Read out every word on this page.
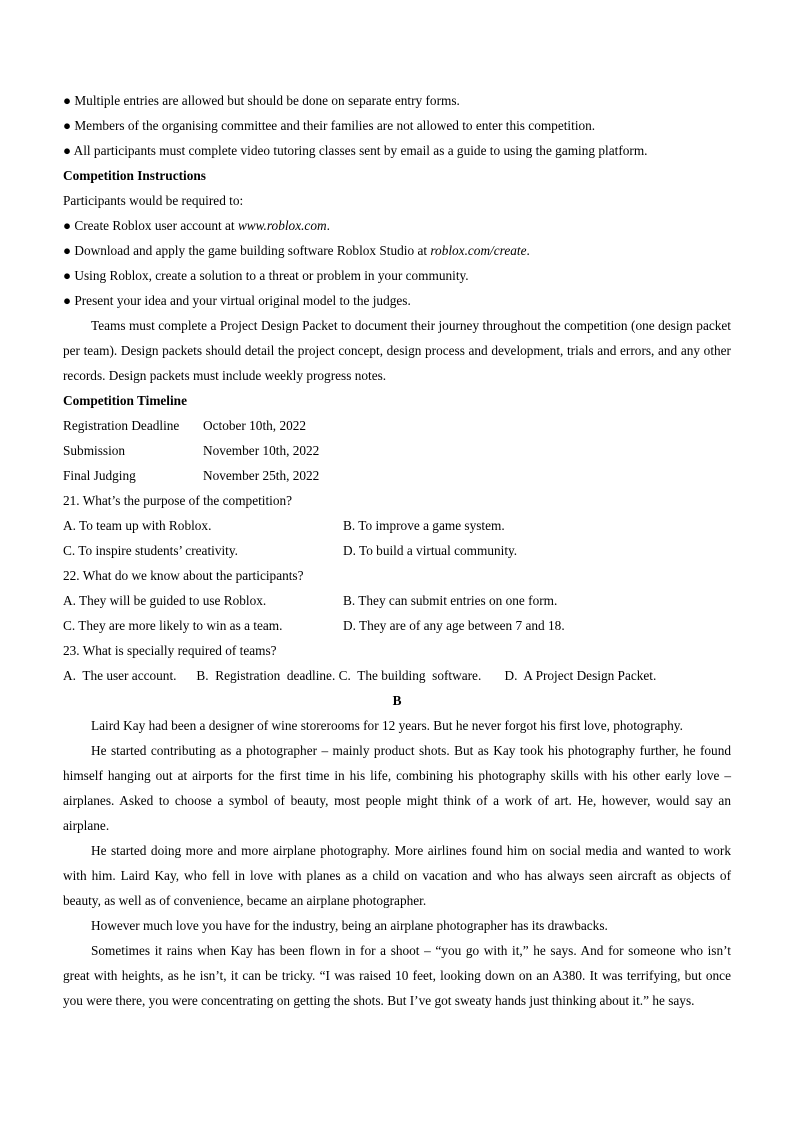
● Multiple entries are allowed but should be done on separate entry forms.
● Members of the organising committee and their families are not allowed to enter this competition.
● All participants must complete video tutoring classes sent by email as a guide to using the gaming platform.
Competition Instructions
Participants would be required to:
● Create Roblox user account at www.roblox.com.
● Download and apply the game building software Roblox Studio at roblox.com/create.
● Using Roblox, create a solution to a threat or problem in your community.
● Present your idea and your virtual original model to the judges.

Teams must complete a Project Design Packet to document their journey throughout the competition (one design packet per team). Design packets should detail the project concept, design process and development, trials and errors, and any other records. Design packets must include weekly progress notes.

Competition Timeline
Registration Deadline	October 10th, 2022
Submission	November 10th, 2022
Final Judging	November 25th, 2022
21. What’s the purpose of the competition?
A. To team up with Roblox.	B. To improve a game system.
C. To inspire students’ creativity.	D. To build a virtual community.
22. What do we know about the participants?
A. They will be guided to use Roblox.	B. They can submit entries on one form.
C. They are more likely to win as a team.	D. They are of any age between 7 and 18.
23. What is specially required of teams?
A.  The user account.      B.  Registration  deadline. C.  The building  software.       D.  A Project Design Packet.
B

Laird Kay had been a designer of wine storerooms for 12 years. But he never forgot his first love, photography.

He started contributing as a photographer – mainly product shots. But as Kay took his photography further, he found himself hanging out at airports for the first time in his life, combining his photography skills with his other early love – airplanes. Asked to choose a symbol of beauty, most people might think of a work of art. He, however, would say an airplane.

He started doing more and more airplane photography. More airlines found him on social media and wanted to work with him. Laird Kay, who fell in love with planes as a child on vacation and who has always seen aircraft as objects of beauty, as well as of convenience, became an airplane photographer.

However much love you have for the industry, being an airplane photographer has its drawbacks.

Sometimes it rains when Kay has been flown in for a shoot – “you go with it,” he says. And for someone who isn’t great with heights, as he isn’t, it can be tricky. “I was raised 10 feet, looking down on an A380. It was terrifying, but once you were there, you were concentrating on getting the shots. But I’ve got sweaty hands just thinking about it.” he says.
